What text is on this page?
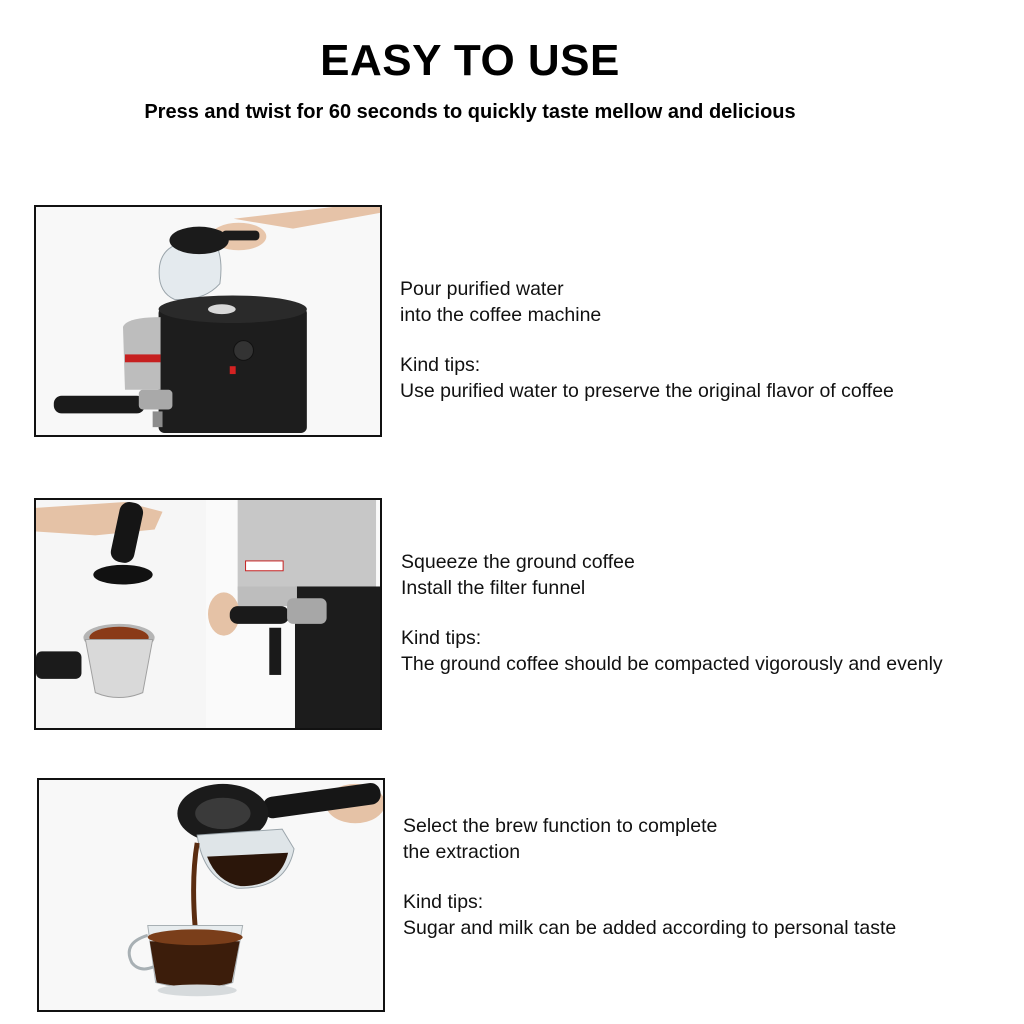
EASY TO USE

Press and twist for 60 seconds to quickly taste mellow and delicious

Pour purified water

into the coffee machine

Kind tips:

Use purified water to preserve the original flavor of coffee

Squeeze the ground coffee

Install the filter funnel

Kind tips:

The ground coffee should be compacted vigorously and evenly

Select the brew function to complete

the extraction

Kind tips:

Sugar and milk can be added according to personal taste
